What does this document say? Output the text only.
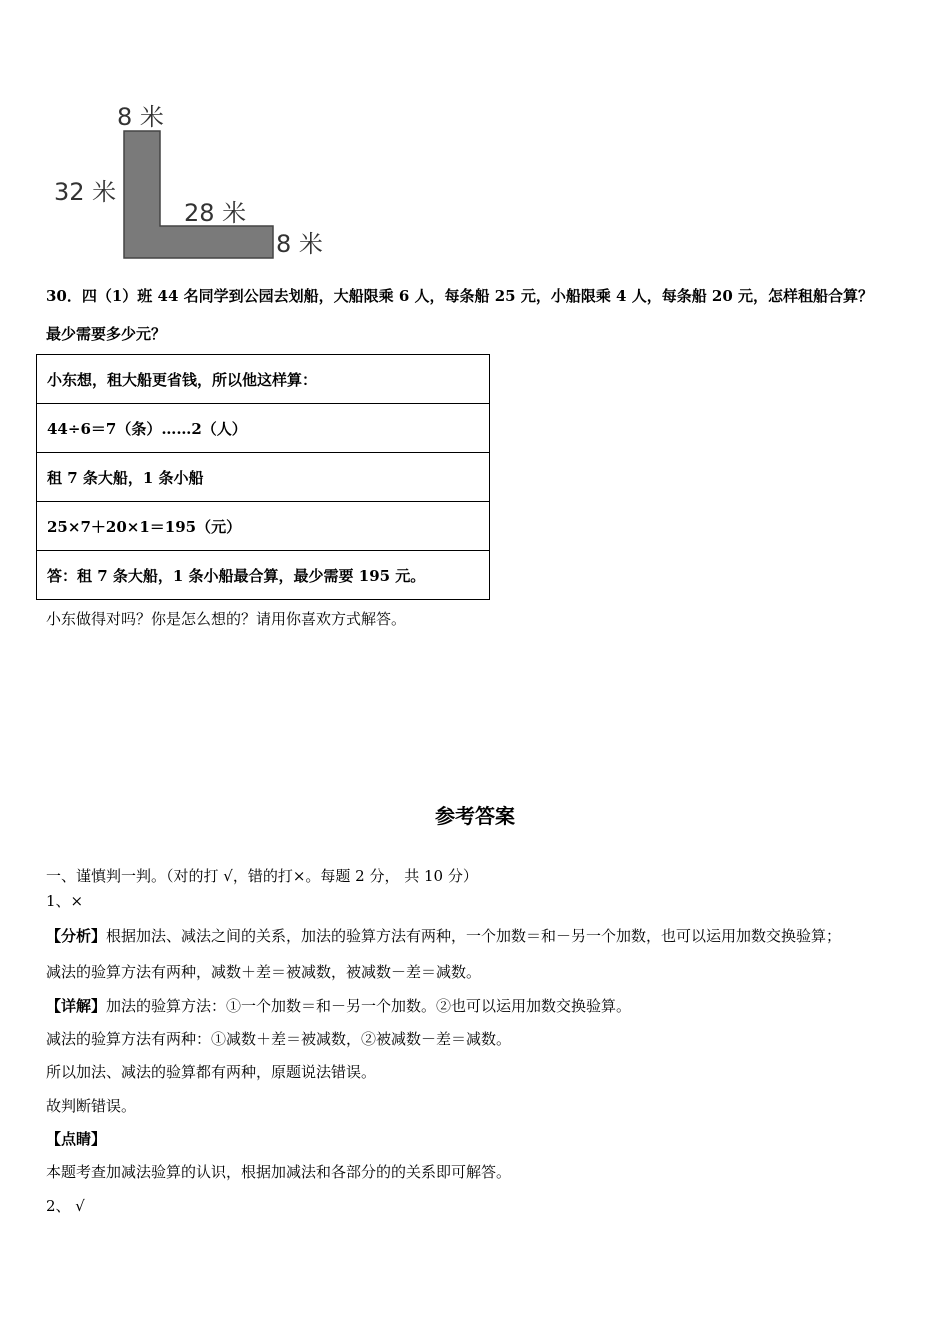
8 米
32 米
28 米
8 米
30．四（1）班 44 名同学到公园去划船，大船限乘 6 人，每条船 25 元，小船限乘 4 人，每条船 20 元，怎样租船合算？
最少需要多少元？
小东想，租大船更省钱，所以他这样算：
44÷6＝7（条）……2（人）
租 7 条大船，1 条小船
25×7＋20×1＝195（元）
答：租 7 条大船，1 条小船最合算，最少需要 195 元。
小东做得对吗？你是怎么想的？请用你喜欢方式解答。
参考答案
一、谨慎判一判。（对的打 √，错的打×。每题 2 分， 共 10 分）
1、×
【分析】根据加法、减法之间的关系，加法的验算方法有两种，一个加数＝和－另一个加数，也可以运用加数交换验算；
减法的验算方法有两种，减数＋差＝被减数，被减数－差＝减数。
【详解】加法的验算方法：①一个加数＝和－另一个加数。②也可以运用加数交换验算。
减法的验算方法有两种：①减数＋差＝被减数，②被减数－差＝减数。
所以加法、减法的验算都有两种，原题说法错误。
故判断错误。
【点睛】
本题考查加减法验算的认识，根据加减法和各部分的的关系即可解答。
2、 √
